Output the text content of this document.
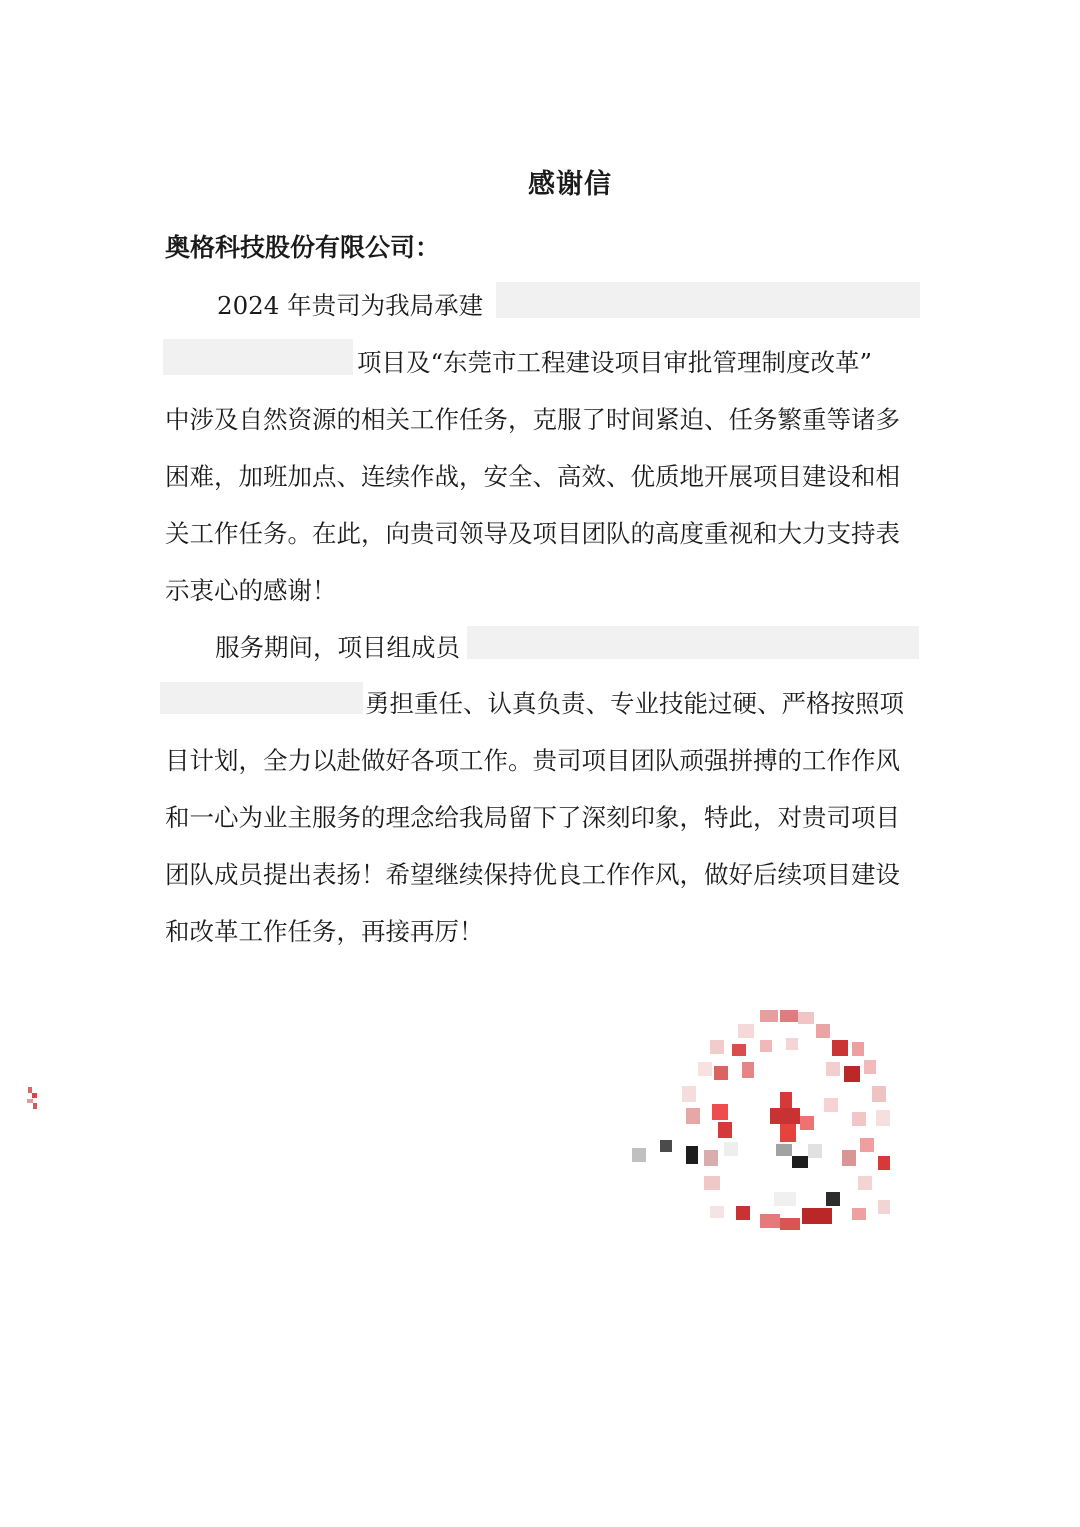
感谢信
奥格科技股份有限公司：
2024 年贵司为我局承建
项目及“东莞市工程建设项目审批管理制度改革”
中涉及自然资源的相关工作任务，克服了时间紧迫、任务繁重等诸多
困难，加班加点、连续作战，安全、高效、优质地开展项目建设和相
关工作任务。在此，向贵司领导及项目团队的高度重视和大力支持表
示衷心的感谢！
服务期间，项目组成员
勇担重任、认真负责、专业技能过硬、严格按照项
目计划，全力以赴做好各项工作。贵司项目团队顽强拼搏的工作作风
和一心为业主服务的理念给我局留下了深刻印象，特此，对贵司项目
团队成员提出表扬！希望继续保持优良工作作风，做好后续项目建设
和改革工作任务，再接再厉！
